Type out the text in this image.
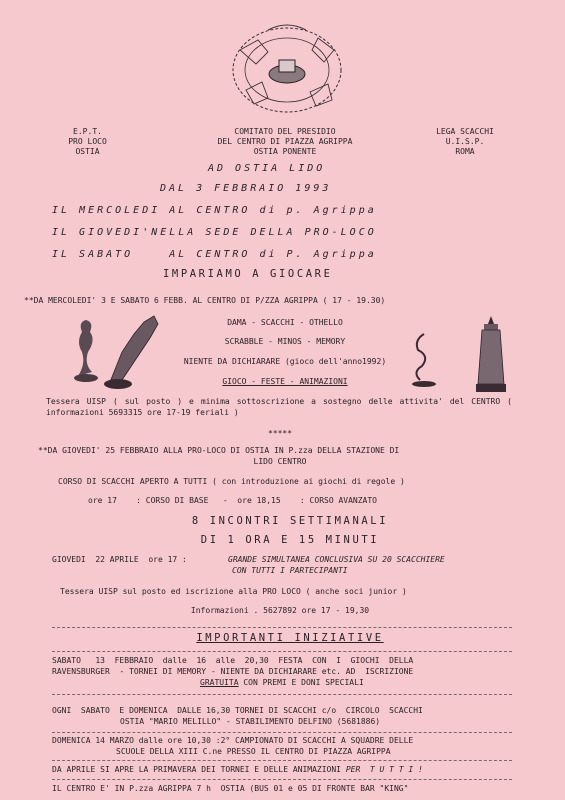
E.P.T.
PRO LOCO
OSTIA
COMITATO DEL PRESIDIO
DEL CENTRO DI PIAZZA AGRIPPA
OSTIA PONENTE
LEGA SCACCHI
U.I.S.P.
ROMA
AD OSTIA LIDO
DAL 3 FEBBRAIO 1993
IL MERCOLEDI AL CENTRO di p. Agrippa
IL GIOVEDI'NELLA SEDE DELLA PRO-LOCO
IL SABATO    AL CENTRO di P. Agrippa
IMPARIAMO A GIOCARE
**DA MERCOLEDI' 3 E SABATO 6 FEBB. AL CENTRO DI P/ZZA AGRIPPA ( 17 - 19.30)
DAMA - SCACCHI - OTHELLO
SCRABBLE - MINOS - MEMORY
NIENTE DA DICHIARARE (gioco dell'anno1992)
GIOCO - FESTE - ANIMAZIONI
Tessera UISP ( sul posto ) e minima sottoscrizione a sostegno delle attivita' del CENTRO ( informazioni 5693315 ore 17-19 feriali )
*****
**DA GIOVEDI' 25 FEBBRAIO ALLA PRO-LOCO DI OSTIA IN P.zza DELLA STAZIONE DI
LIDO CENTRO
CORSO DI SCACCHI APERTO A TUTTI ( con introduzione ai giochi di regole )
ore 17    : CORSO DI BASE   -  ore 18,15    : CORSO AVANZATO
8 INCONTRI SETTIMANALI
DI 1 ORA E 15 MINUTI
GIOVEDI  22 APRILE  ore 17 :	GRANDE SIMULTANEA CONCLUSIVA SU 20 SCACCHIERE
CON TUTTI I PARTECIPANTI
Tessera UISP sul posto ed iscrizione alla PRO LOCO ( anche soci junior )
Informazioni . 5627892 ore 17 - 19,30
IMPORTANTI INIZIATIVE
SABATO   13  FEBBRAIO  dalle  16  alle  20,30  FESTA  CON  I  GIOCHI  DELLA
RAVENSBURGER  - TORNEI DI MEMORY - NIENTE DA DICHIARARE etc. AD  ISCRIZIONE
GRATUITA CON PREMI E DONI SPECIALI
OGNI  SABATO  E DOMENICA  DALLE 16,30 TORNEI DI SCACCHI c/o  CIRCOLO  SCACCHI
OSTIA "MARIO MELILLO" - STABILIMENTO DELFINO (5681886)
DOMENICA 14 MARZO dalle ore 10,30 :2° CAMPIONATO DI SCACCHI A SQUADRE DELLE
SCUOLE DELLA XIII C.ne PRESSO IL CENTRO DI PIAZZA AGRIPPA
DA APRILE SI APRE LA PRIMAVERA DEI TORNEI E DELLE ANIMAZIONI PER  T U T T I !
IL CENTRO E' IN P.zza AGRIPPA 7 h  OSTIA (BUS 01 e 05 DI FRONTE BAR "KING"
